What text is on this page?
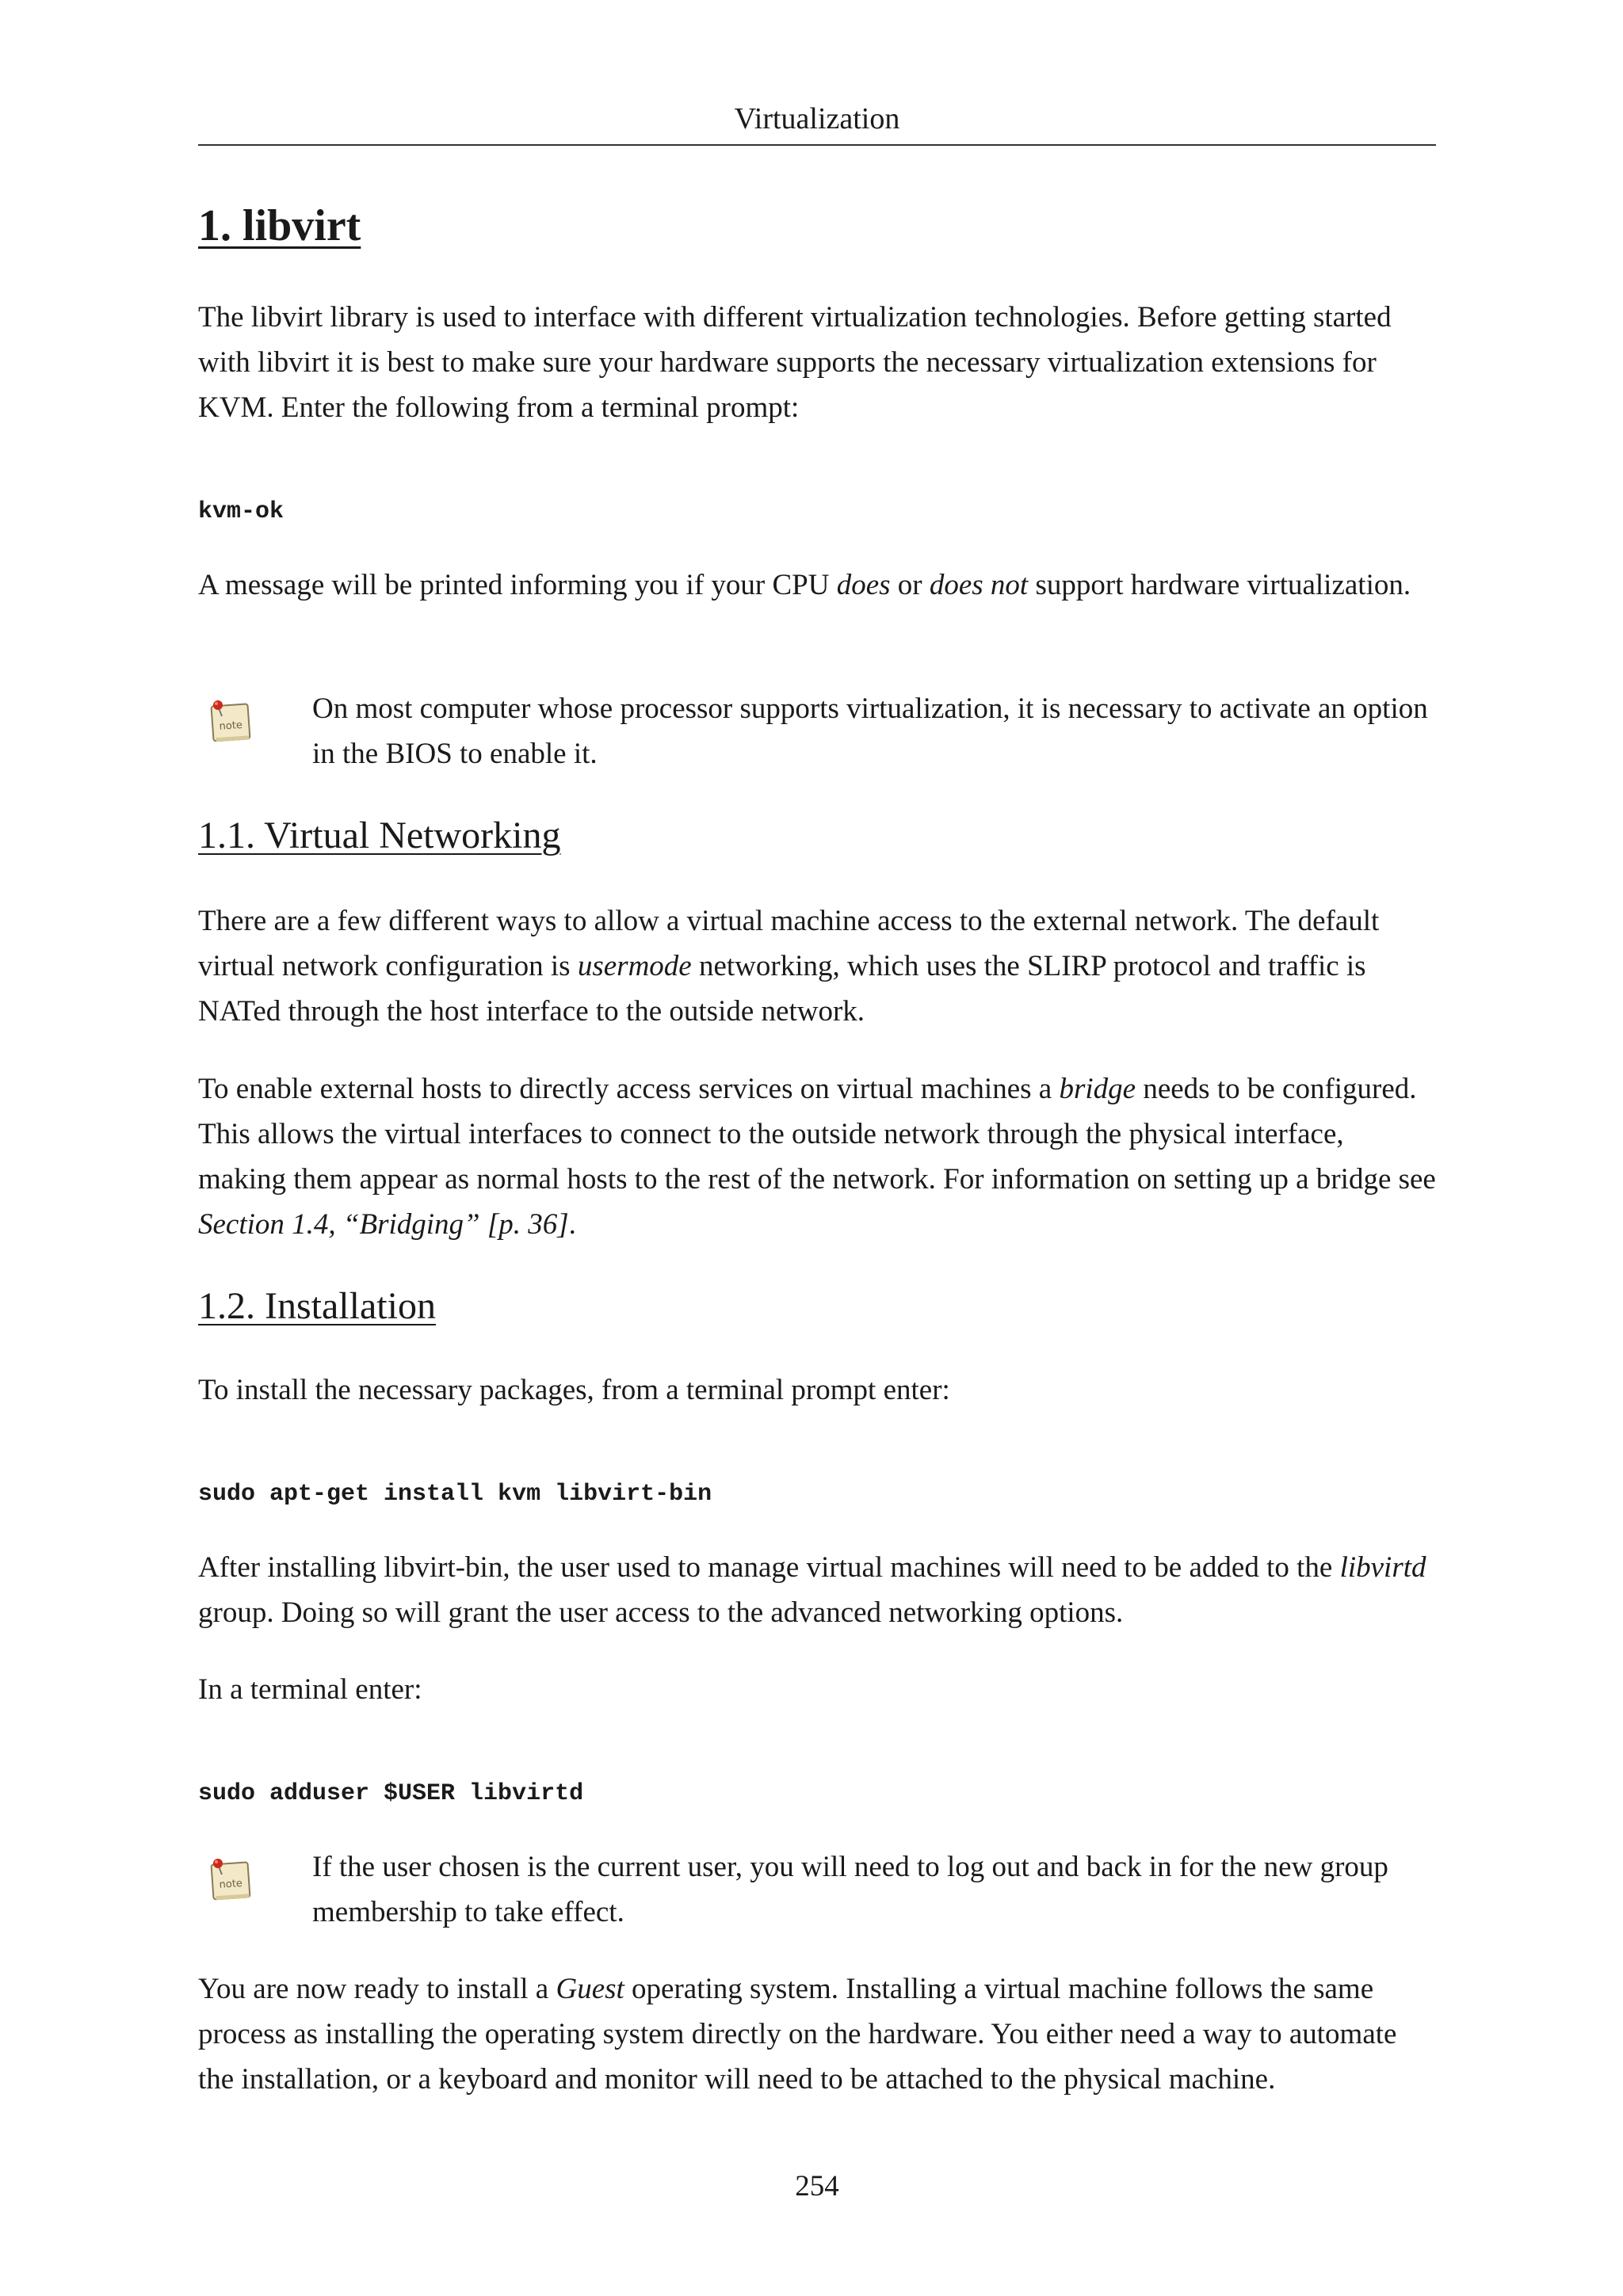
Virtualization
1. libvirt

The libvirt library is used to interface with different virtualization technologies. Before getting started with libvirt it is best to make sure your hardware supports the necessary virtualization extensions for KVM. Enter the following from a terminal prompt:

kvm-ok

A message will be printed informing you if your CPU does or does not support hardware virtualization.

note
On most computer whose processor supports virtualization, it is necessary to activate an option in the BIOS to enable it.
1.1. Virtual Networking

There are a few different ways to allow a virtual machine access to the external network. The default virtual network configuration is usermode networking, which uses the SLIRP protocol and traffic is NATed through the host interface to the outside network.

To enable external hosts to directly access services on virtual machines a bridge needs to be configured. This allows the virtual interfaces to connect to the outside network through the physical interface, making them appear as normal hosts to the rest of the network. For information on setting up a bridge see Section 1.4, “Bridging” [p. 36].

1.2. Installation

To install the necessary packages, from a terminal prompt enter:

sudo apt-get install kvm libvirt-bin

After installing libvirt-bin, the user used to manage virtual machines will need to be added to the libvirtd group. Doing so will grant the user access to the advanced networking options.

In a terminal enter:

sudo adduser $USER libvirtd

note
If the user chosen is the current user, you will need to log out and back in for the new group membership to take effect.

You are now ready to install a Guest operating system. Installing a virtual machine follows the same process as installing the operating system directly on the hardware. You either need a way to automate the installation, or a keyboard and monitor will need to be attached to the physical machine.

254
